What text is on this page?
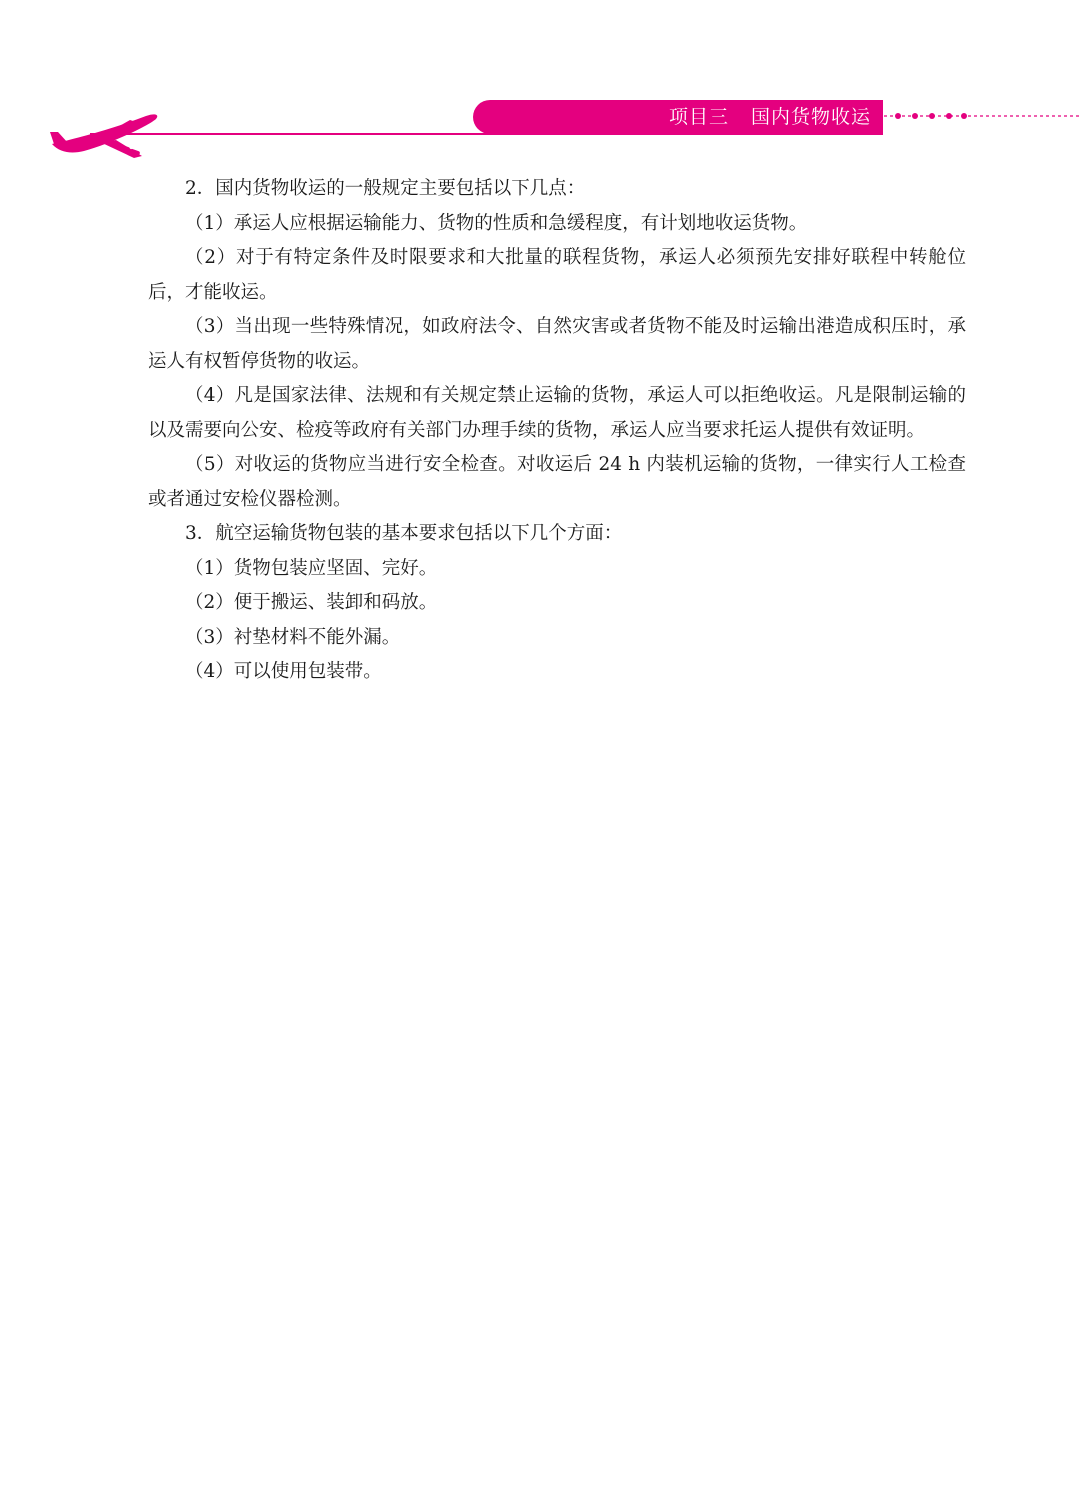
项目三 国内货物收运

2．国内货物收运的一般规定主要包括以下几点：

（1）承运人应根据运输能力、货物的性质和急缓程度，有计划地收运货物。

（2）对于有特定条件及时限要求和大批量的联程货物，承运人必须预先安排好联程中转舱位后，才能收运。

（3）当出现一些特殊情况，如政府法令、自然灾害或者货物不能及时运输出港造成积压时，承运人有权暂停货物的收运。

（4）凡是国家法律、法规和有关规定禁止运输的货物，承运人可以拒绝收运。凡是限制运输的以及需要向公安、检疫等政府有关部门办理手续的货物，承运人应当要求托运人提供有效证明。

（5）对收运的货物应当进行安全检查。对收运后 24 h 内装机运输的货物，一律实行人工检查或者通过安检仪器检测。

3．航空运输货物包装的基本要求包括以下几个方面：

（1）货物包装应坚固、完好。

（2）便于搬运、装卸和码放。

（3）衬垫材料不能外漏。

（4）可以使用包装带。
